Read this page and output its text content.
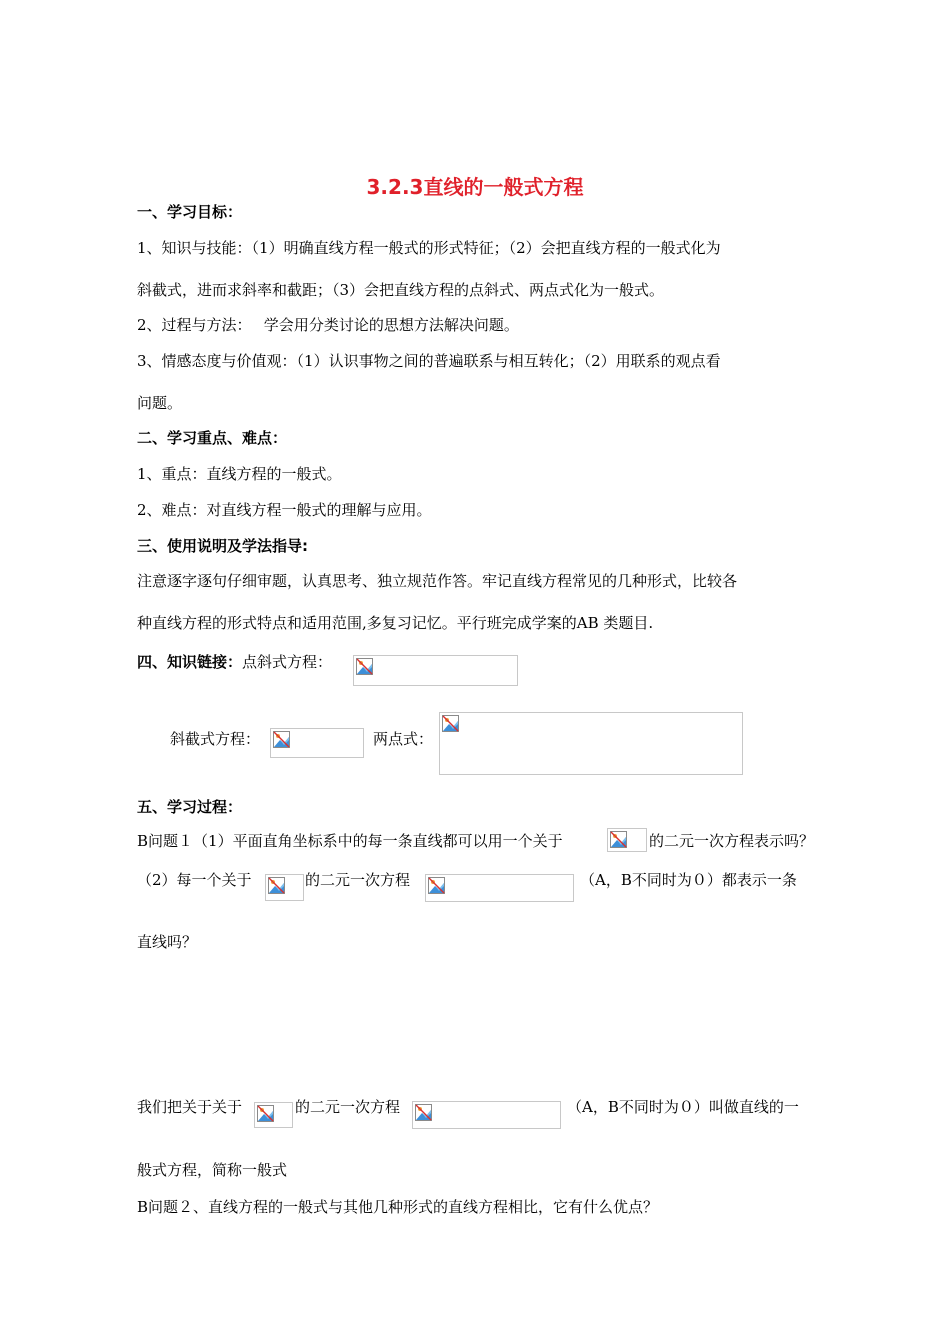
3.2.3直线的一般式方程
一、学习目标：
1、知识与技能：（1）明确直线方程一般式的形式特征；（2）会把直线方程的一般式化为
斜截式，进而求斜率和截距；（3）会把直线方程的点斜式、两点式化为一般式。
2、过程与方法：　 学会用分类讨论的思想方法解决问题。
3、情感态度与价值观：（1）认识事物之间的普遍联系与相互转化；（2）用联系的观点看
问题。
二、学习重点、难点：
1、重点：直线方程的一般式。
2、难点：对直线方程一般式的理解与应用。
三、使用说明及学法指导:
注意逐字逐句仔细审题，认真思考、独立规范作答。牢记直线方程常见的几种形式，比较各
种直线方程的形式特点和适用范围,多复习记忆。平行班完成学案的AB 类题目.
四、知识链接：点斜式方程：
斜截式方程：	两点式：
五、学习过程：
B问题１（1）平面直角坐标系中的每一条直线都可以用一个关于	的二元一次方程表示吗？
（2）每一个关于	的二元一次方程	（A，B不同时为０）都表示一条
直线吗？
我们把关于关于	的二元一次方程	（A，B不同时为０）叫做直线的一
般式方程，简称一般式
B问题２、直线方程的一般式与其他几种形式的直线方程相比，它有什么优点？
